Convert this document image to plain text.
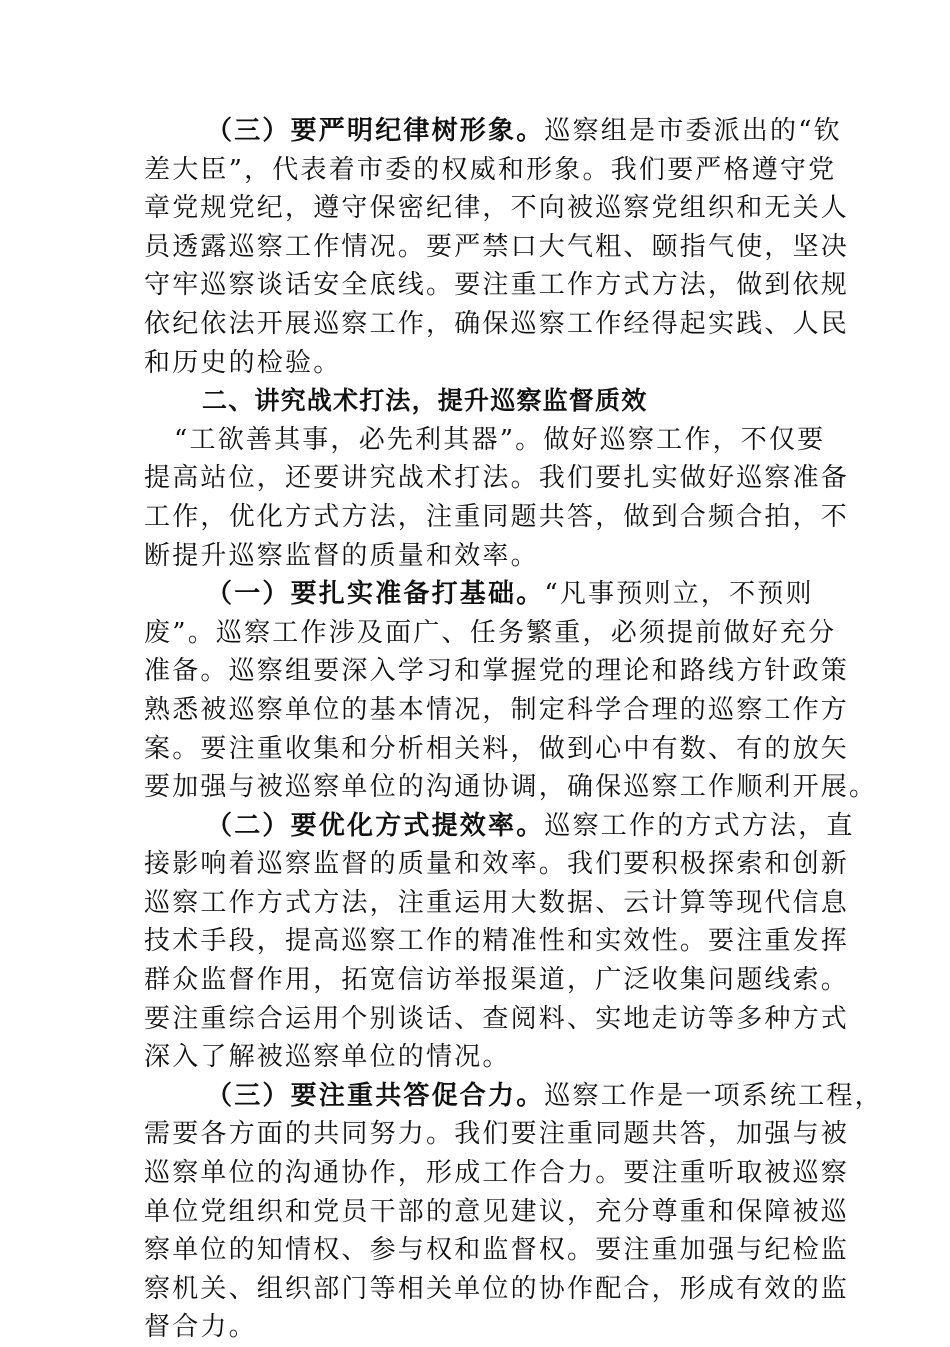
（三）要严明纪律树形象。巡察组是市委派出的“钦
差大臣”，代表着市委的权威和形象。我们要严格遵守党
章党规党纪，遵守保密纪律，不向被巡察党组织和无关人
员透露巡察工作情况。要严禁口大气粗、颐指气使，坚决
守牢巡察谈话安全底线。要注重工作方式方法，做到依规
依纪依法开展巡察工作，确保巡察工作经得起实践、人民
和历史的检验。
二、讲究战术打法，提升巡察监督质效
“工欲善其事，必先利其器”。做好巡察工作，不仅要
提高站位，还要讲究战术打法。我们要扎实做好巡察准备
工作，优化方式方法，注重同题共答，做到合频合拍，不
断提升巡察监督的质量和效率。
（一）要扎实准备打基础。“凡事预则立，不预则
废”。巡察工作涉及面广、任务繁重，必须提前做好充分
准备。巡察组要深入学习和掌握党的理论和路线方针政策
熟悉被巡察单位的基本情况，制定科学合理的巡察工作方
案。要注重收集和分析相关料，做到心中有数、有的放矢
要加强与被巡察单位的沟通协调，确保巡察工作顺利开展。
（二）要优化方式提效率。巡察工作的方式方法，直
接影响着巡察监督的质量和效率。我们要积极探索和创新
巡察工作方式方法，注重运用大数据、云计算等现代信息
技术手段，提高巡察工作的精准性和实效性。要注重发挥
群众监督作用，拓宽信访举报渠道，广泛收集问题线索。
要注重综合运用个别谈话、查阅料、实地走访等多种方式
深入了解被巡察单位的情况。
（三）要注重共答促合力。巡察工作是一项系统工程，
需要各方面的共同努力。我们要注重同题共答，加强与被
巡察单位的沟通协作，形成工作合力。要注重听取被巡察
单位党组织和党员干部的意见建议，充分尊重和保障被巡
察单位的知情权、参与权和监督权。要注重加强与纪检监
察机关、组织部门等相关单位的协作配合，形成有效的监
督合力。
